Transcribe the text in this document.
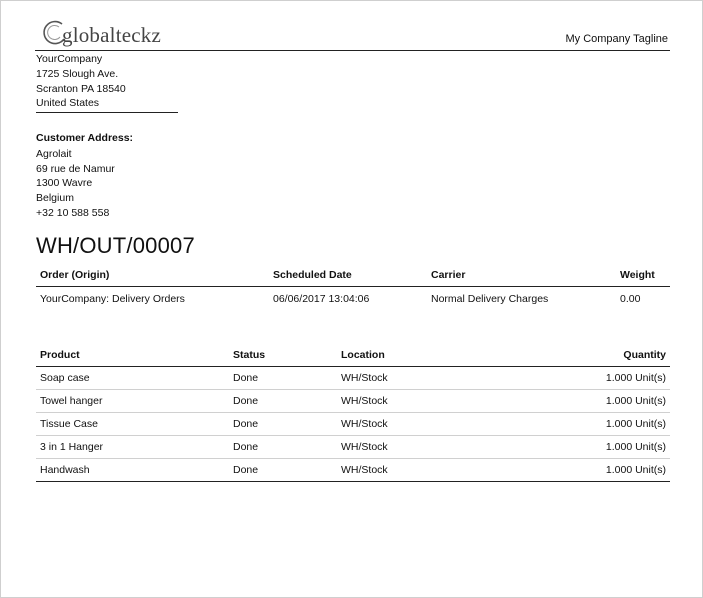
globalteckz	My Company Tagline
YourCompany
1725 Slough Ave.
Scranton PA 18540
United States
Customer Address:
Agrolait
69 rue de Namur
1300 Wavre
Belgium
+32 10 588 558
WH/OUT/00007
Order (Origin)	Scheduled Date	Carrier	Weight
YourCompany: Delivery Orders	06/06/2017 13:04:06	Normal Delivery Charges	0.00
Product	Status	Location	Quantity
Soap case	Done	WH/Stock	1.000 Unit(s)
Towel hanger	Done	WH/Stock	1.000 Unit(s)
Tissue Case	Done	WH/Stock	1.000 Unit(s)
3 in 1 Hanger	Done	WH/Stock	1.000 Unit(s)
Handwash	Done	WH/Stock	1.000 Unit(s)
